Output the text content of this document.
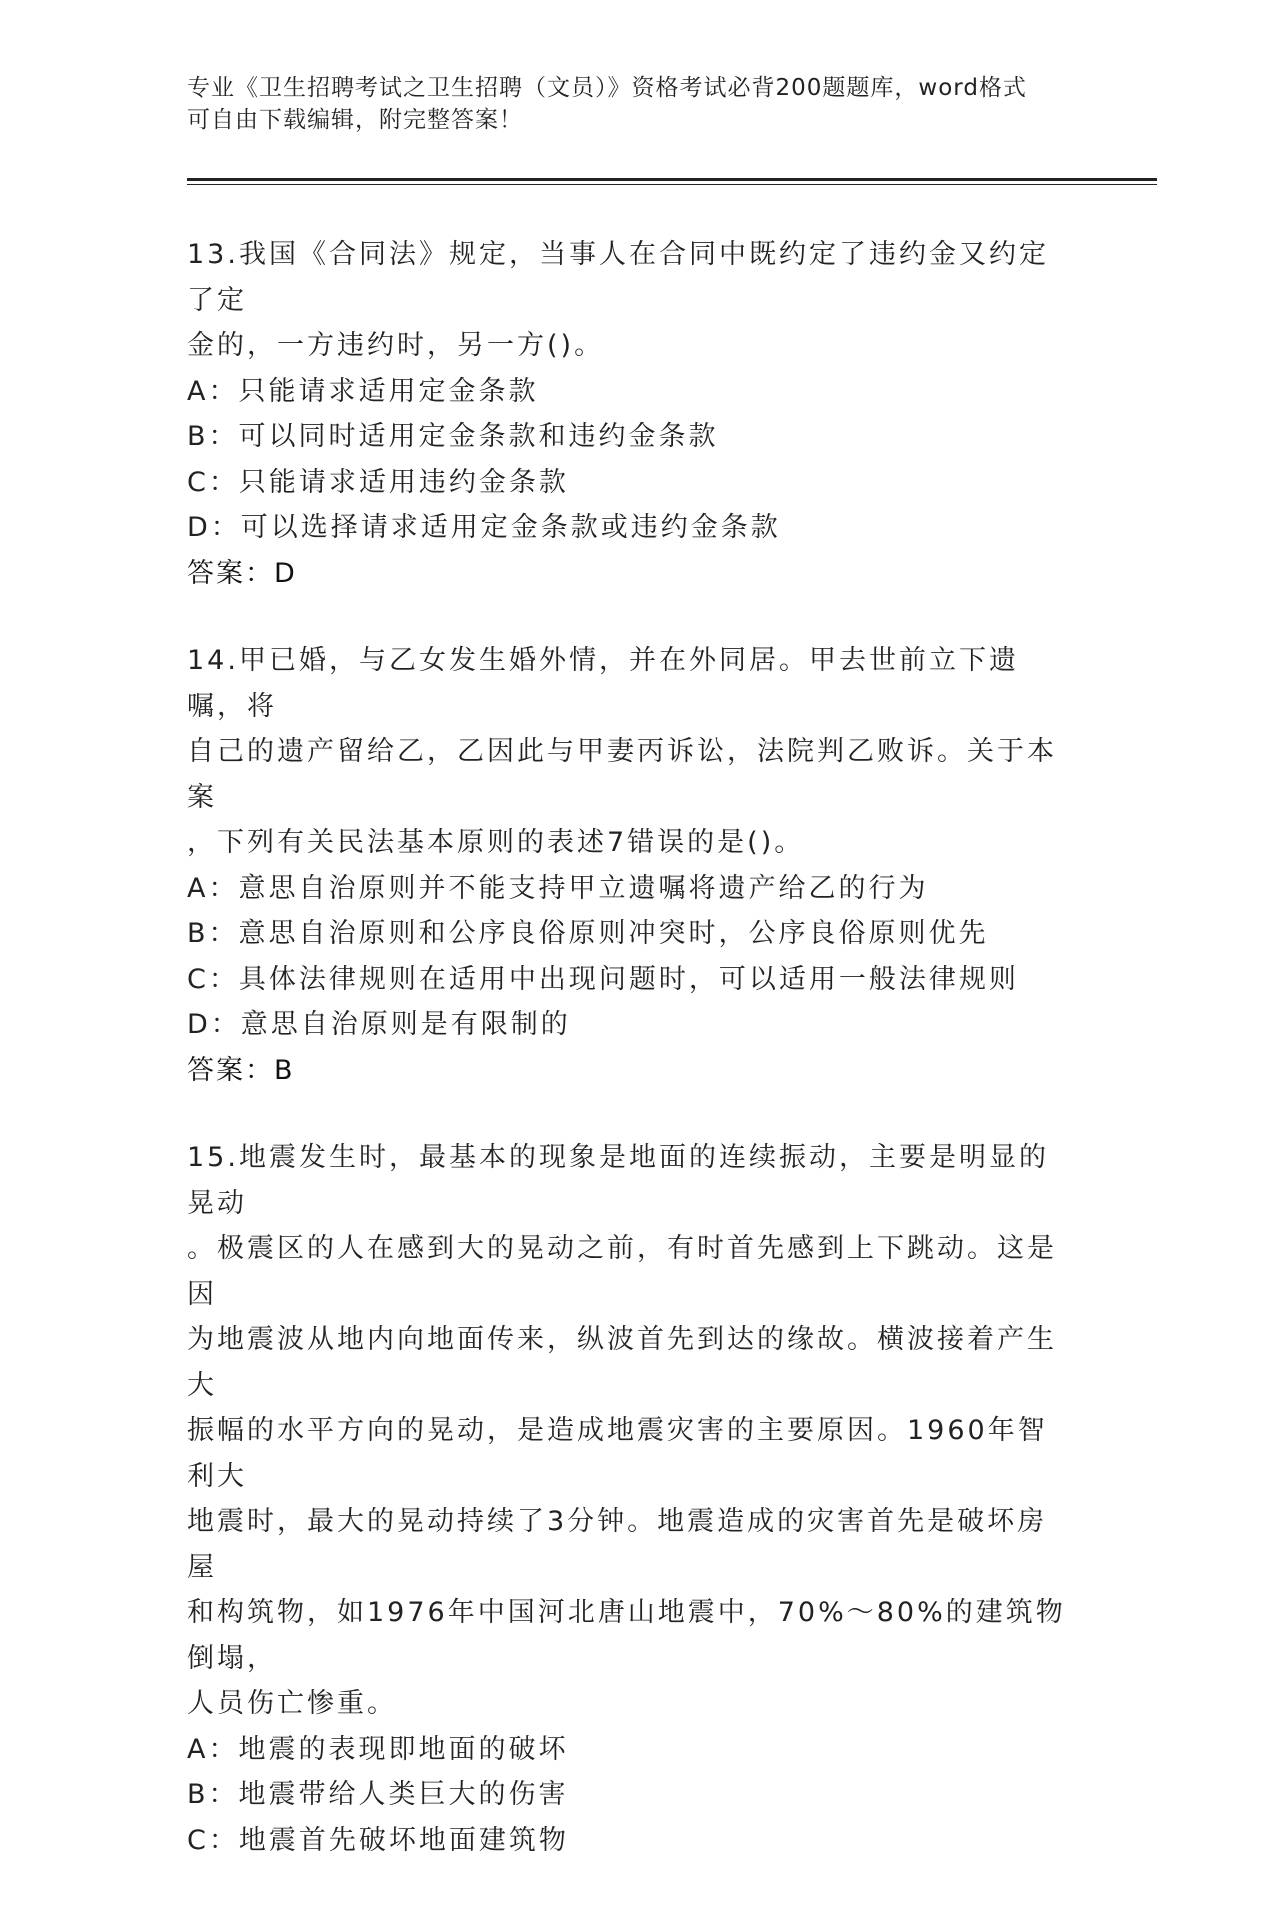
专业《卫生招聘考试之卫生招聘（文员）》资格考试必背200题题库，word格式
可自由下载编辑，附完整答案！

13.我国《合同法》规定，当事人在合同中既约定了违约金又约定了定

金的，一方违约时，另一方()。

A：只能请求适用定金条款

B：可以同时适用定金条款和违约金条款

C：只能请求适用违约金条款

D：可以选择请求适用定金条款或违约金条款

答案：D

14.甲已婚，与乙女发生婚外情，并在外同居。甲去世前立下遗嘱，将

自己的遗产留给乙，乙因此与甲妻丙诉讼，法院判乙败诉。关于本案

，下列有关民法基本原则的表述7错误的是()。

A：意思自治原则并不能支持甲立遗嘱将遗产给乙的行为

B：意思自治原则和公序良俗原则冲突时，公序良俗原则优先

C：具体法律规则在适用中出现问题时，可以适用一般法律规则

D：意思自治原则是有限制的

答案：B

15.地震发生时，最基本的现象是地面的连续振动，主要是明显的晃动

。极震区的人在感到大的晃动之前，有时首先感到上下跳动。这是因

为地震波从地内向地面传来，纵波首先到达的缘故。横波接着产生大

振幅的水平方向的晃动，是造成地震灾害的主要原因。1960年智利大

地震时，最大的晃动持续了3分钟。地震造成的灾害首先是破坏房屋

和构筑物，如1976年中国河北唐山地震中，70%～80%的建筑物倒塌，

人员伤亡惨重。

A：地震的表现即地面的破坏

B：地震带给人类巨大的伤害

C：地震首先破坏地面建筑物
